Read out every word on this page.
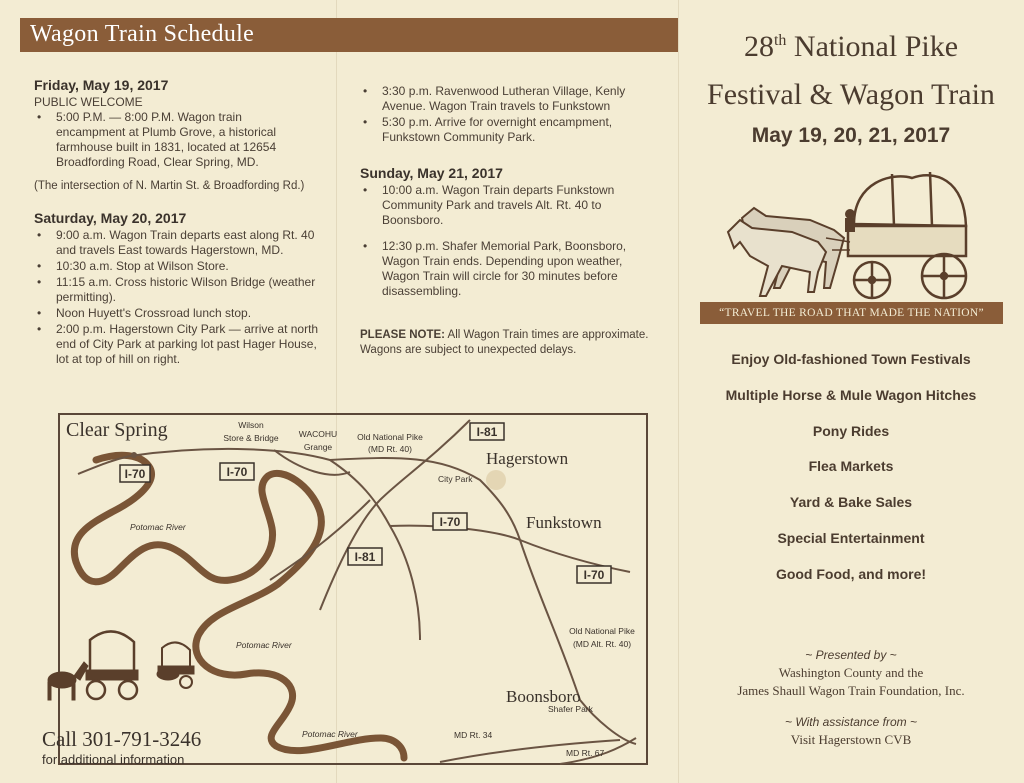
Wagon Train Schedule
Friday, May 19, 2017
PUBLIC WELCOME
• 5:00 P.M. — 8:00 P.M. Wagon train encampment at Plumb Grove, a historical farmhouse built in 1831, located at 12654 Broadfording Road, Clear Spring, MD.
(The intersection of N. Martin St. & Broadfording Rd.)
Saturday, May 20, 2017
• 9:00 a.m. Wagon Train departs east along Rt. 40 and travels East towards Hagerstown, MD.
• 10:30 a.m. Stop at Wilson Store.
• 11:15 a.m. Cross historic Wilson Bridge (weather permitting).
• Noon Huyett's Crossroad lunch stop.
• 2:00 p.m. Hagerstown City Park — arrive at north end of City Park at parking lot past Hager House, lot at top of hill on right.
• 3:30 p.m. Ravenwood Lutheran Village, Kenly Avenue. Wagon Train travels to Funkstown
• 5:30 p.m. Arrive for overnight encampment, Funkstown Community Park.
Sunday, May 21, 2017
• 10:00 a.m. Wagon Train departs Funkstown Community Park and travels Alt. Rt. 40 to Boonsboro.
• 12:30 p.m. Shafer Memorial Park, Boonsboro, Wagon Train ends. Depending upon weather, Wagon Train will circle for 30 minutes before disassembling.
PLEASE NOTE: All Wagon Train times are approximate. Wagons are subject to unexpected delays.
Clear Spring
I-70	I-70
I-70
I-70
I-81
I-81
Wilson
Store & Bridge WACOHU
Grange
Old National Pike
(MD Rt. 40)	Hagerstown
City Park
Funkstown
Potomac River
Potomac River
Potomac River
Old National Pike
(MD Alt. Rt. 40)
Boonsboro
Shafer Park
MD Rt. 34
MD Rt. 67
Call 301-791-3246
for additional information
28th National Pike
Festival & Wagon Train
May 19, 20, 21, 2017
“TRAVEL THE ROAD THAT MADE THE NATION”
Enjoy Old-fashioned Town Festivals
Multiple Horse & Mule Wagon Hitches
Pony Rides
Flea Markets
Yard & Bake Sales
Special Entertainment
Good Food, and more!
~ Presented by ~
Washington County and the
James Shaull Wagon Train Foundation, Inc.
~ With assistance from ~
Visit Hagerstown CVB
